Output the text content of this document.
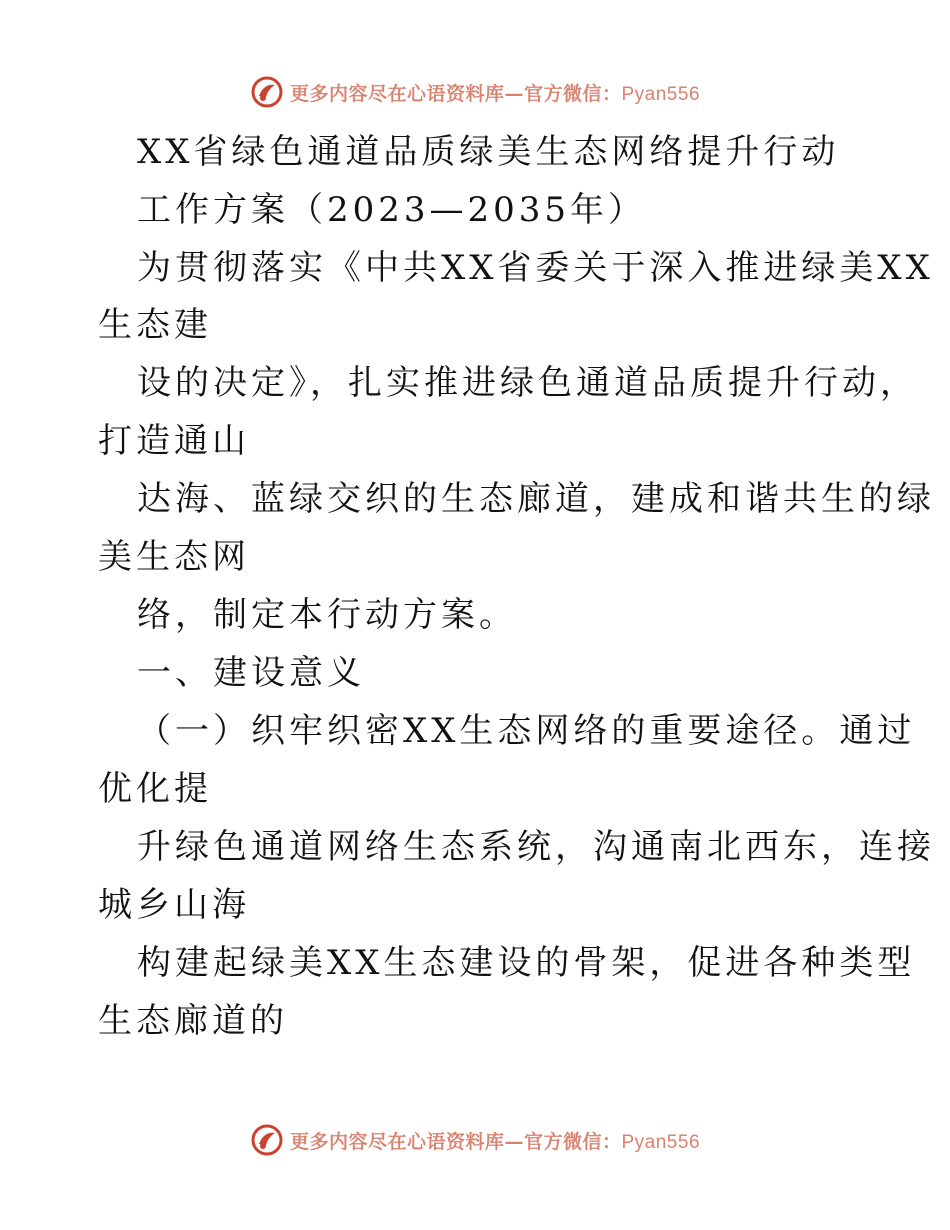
更多内容尽在心语资料库—官方微信：Pyan556
XX省绿色通道品质绿美生态网络提升行动
工作方案（2023—2035年）
为贯彻落实《中共XX省委关于深入推进绿美XX
生态建
设的决定》，扎实推进绿色通道品质提升行动，
打造通山
达海、蓝绿交织的生态廊道，建成和谐共生的绿
美生态网
络，制定本行动方案。
一、建设意义
（一）织牢织密XX生态网络的重要途径。通过
优化提
升绿色通道网络生态系统，沟通南北西东，连接
城乡山海
构建起绿美XX生态建设的骨架，促进各种类型
生态廊道的
更多内容尽在心语资料库—官方微信：Pyan556
